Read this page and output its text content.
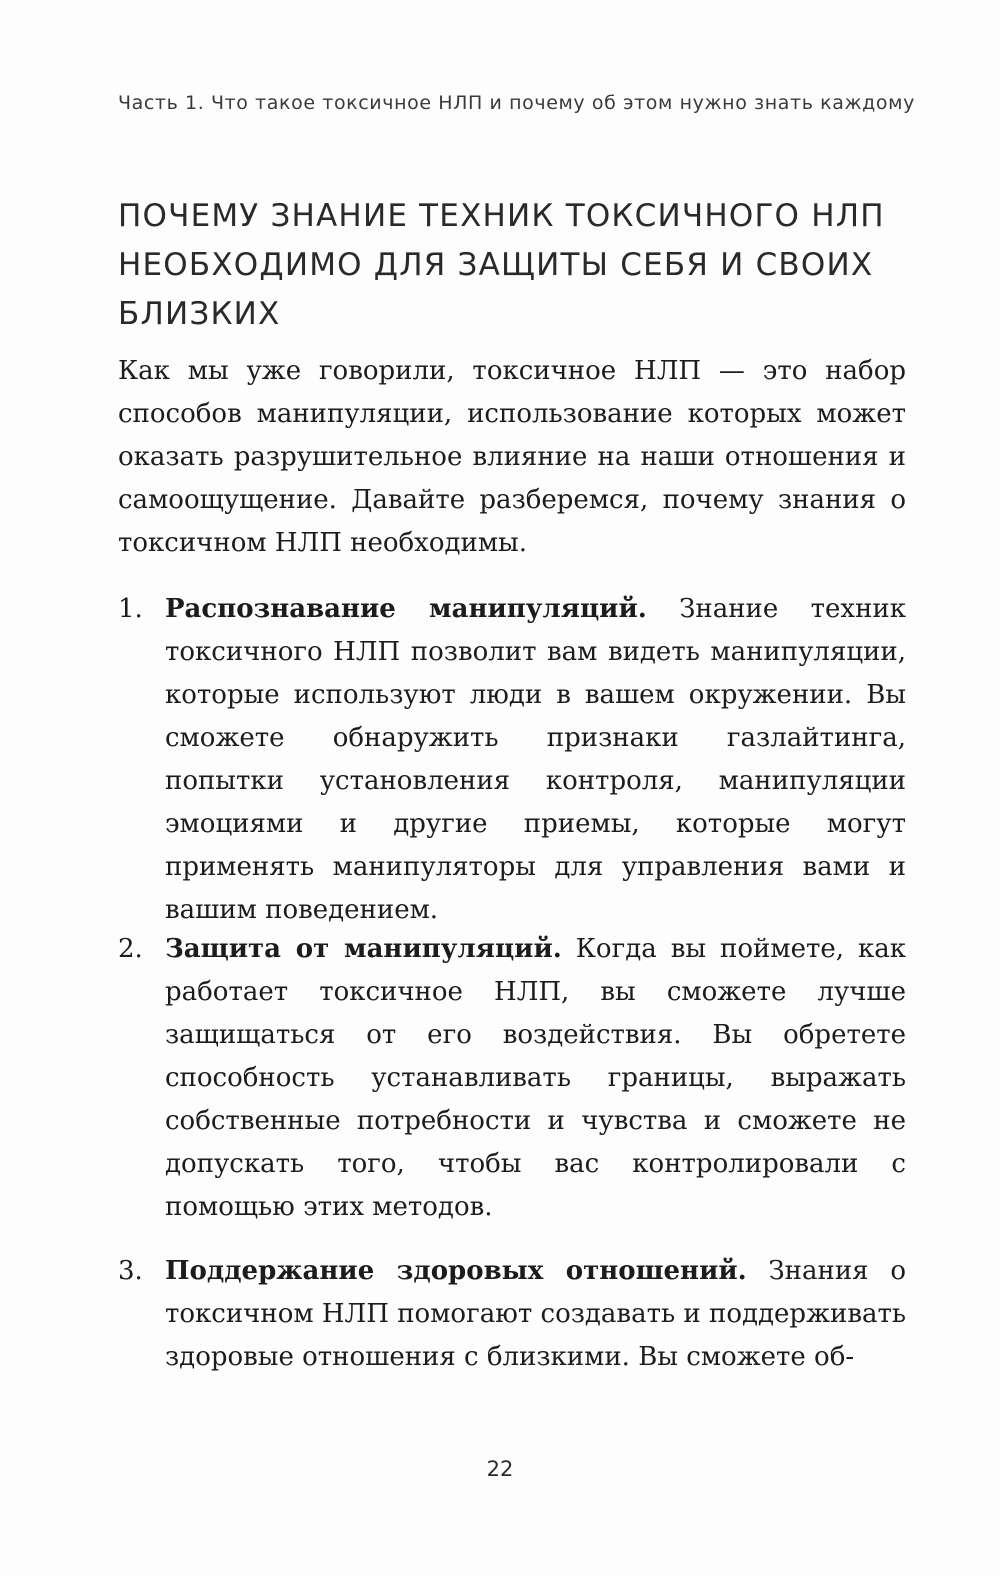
Часть 1. Что такое токсичное НЛП и почему об этом нужно знать каждому
ПОЧЕМУ ЗНАНИЕ ТЕХНИК ТОКСИЧНОГО НЛП НЕОБХОДИМО ДЛЯ ЗАЩИТЫ СЕБЯ И СВОИХ БЛИЗКИХ

Как мы уже говорили, токсичное НЛП — это набор способов манипуляции, использование которых может оказать разрушительное влияние на наши отношения и самоощущение. Давайте разберемся, почему знания о токсичном НЛП необходимы.

1. Распознавание манипуляций. Знание техник токсичного НЛП позволит вам видеть манипуляции, которые используют люди в вашем окружении. Вы сможете обнаружить признаки газлайтинга, попытки установления контроля, манипуляции эмоциями и другие приемы, которые могут применять манипуляторы для управления вами и вашим поведением.

2. Защита от манипуляций. Когда вы поймете, как работает токсичное НЛП, вы сможете лучше защищаться от его воздействия. Вы обретете способность устанавливать границы, выражать собственные потребности и чувства и сможете не допускать того, чтобы вас контролировали с помощью этих методов.

3. Поддержание здоровых отношений. Знания о токсичном НЛП помогают создавать и поддерживать здоровые отношения с близкими. Вы сможете об-

22
